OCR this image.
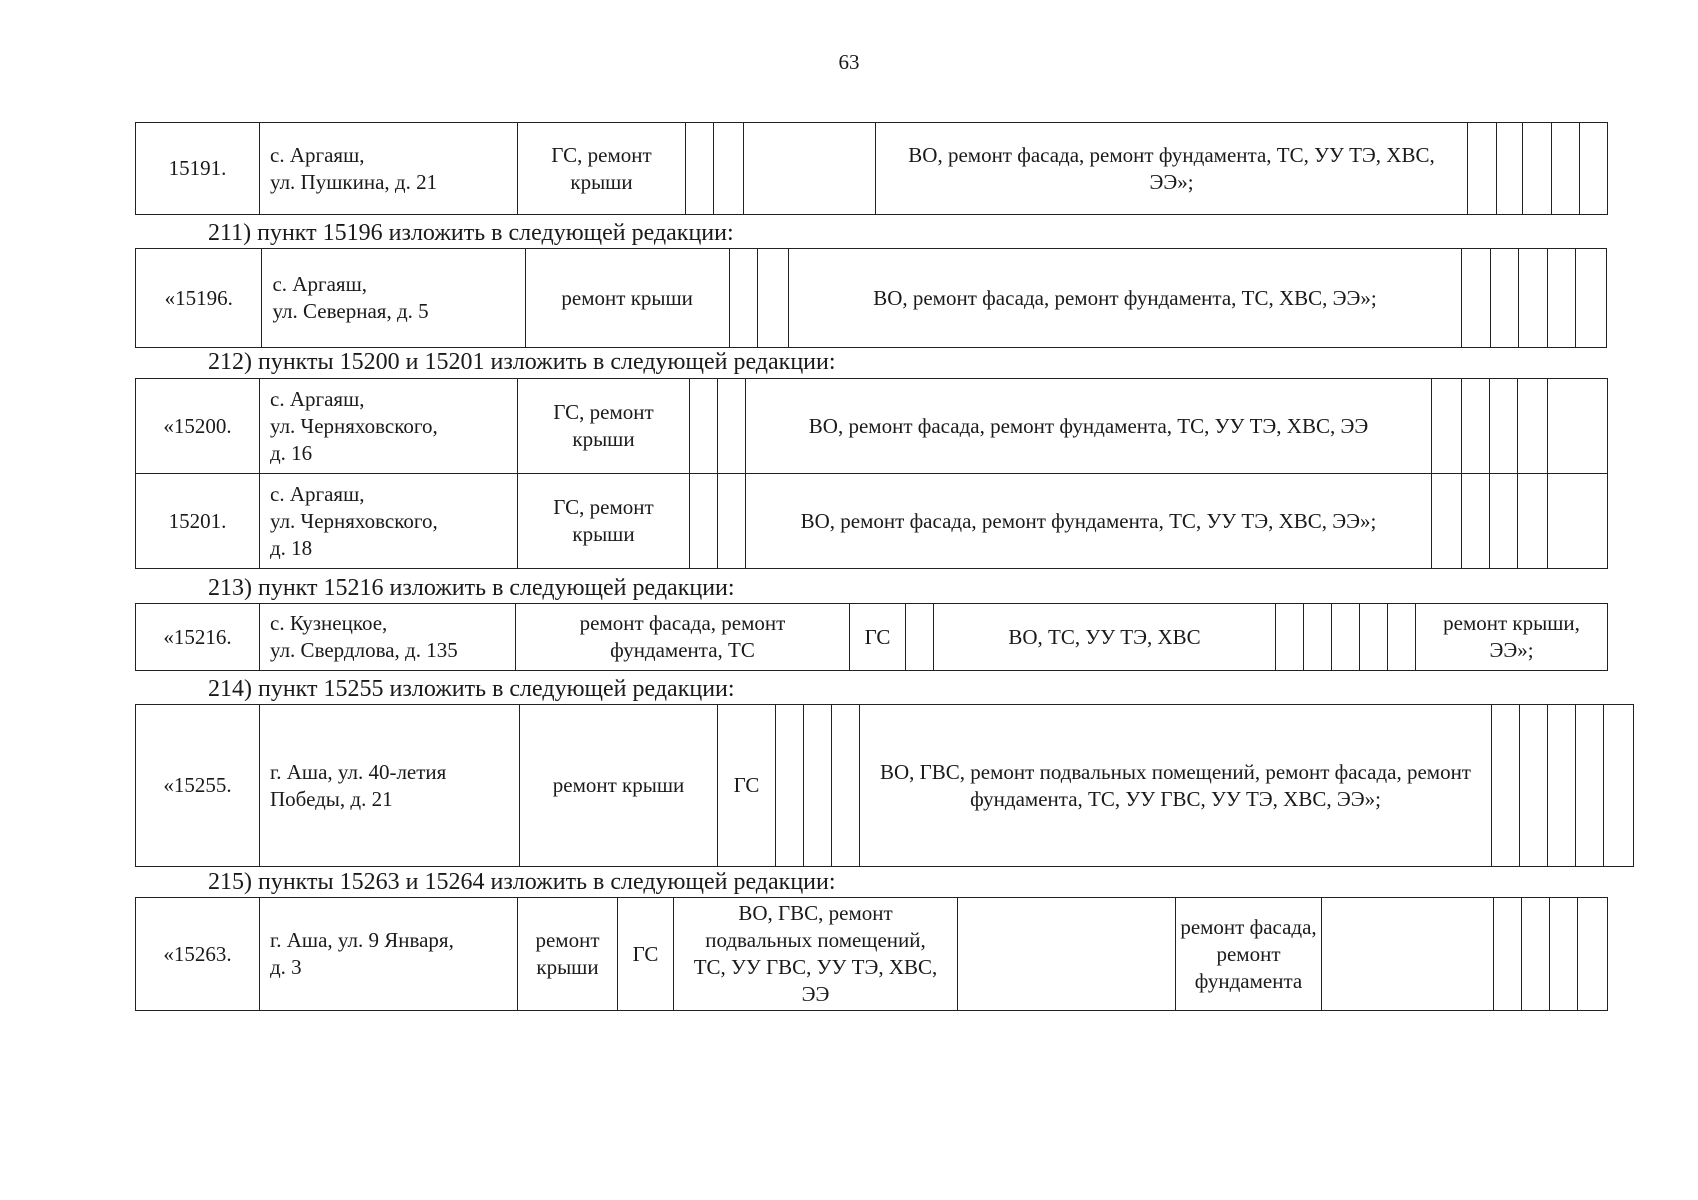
63
15191.	с. Аргаяш,
ул. Пушкина, д. 21	ГС, ремонт крыши				ВО, ремонт фасада, ремонт фундамента, ТС, УУ ТЭ, ХВС, ЭЭ»;					
211) пункт 15196 изложить в следующей редакции:
«15196.	с. Аргаяш,
ул. Северная, д. 5	ремонт крыши			ВО, ремонт фасада, ремонт фундамента, ТС, ХВС, ЭЭ»;					
212) пункты 15200 и 15201 изложить в следующей редакции:
«15200.	с. Аргаяш,
ул. Черняховского,
д. 16	ГС, ремонт крыши			ВО, ремонт фасада, ремонт фундамента, ТС, УУ ТЭ, ХВС, ЭЭ					
15201.	с. Аргаяш,
ул. Черняховского,
д. 18	ГС, ремонт крыши			ВО, ремонт фасада, ремонт фундамента, ТС, УУ ТЭ, ХВС, ЭЭ»;					
213) пункт 15216 изложить в следующей редакции:
«15216.	с. Кузнецкое,
ул. Свердлова, д. 135	ремонт фасада, ремонт фундамента, ТС	ГС		ВО, ТС, УУ ТЭ, ХВС						ремонт крыши, ЭЭ»;
214) пункт 15255 изложить в следующей редакции:
«15255.	г. Аша, ул. 40-летия
Победы, д. 21	ремонт крыши	ГС				ВО, ГВС, ремонт подвальных помещений, ремонт фасада, ремонт фундамента, ТС, УУ ГВС, УУ ТЭ, ХВС, ЭЭ»;					
215) пункты 15263 и 15264 изложить в следующей редакции:
«15263.	г. Аша, ул. 9 Января,
д. 3	ремонт крыши	ГС	ВО, ГВС, ремонт подвальных помещений, ТС, УУ ГВС, УУ ТЭ, ХВС, ЭЭ		ремонт фасада, ремонт фундамента					
